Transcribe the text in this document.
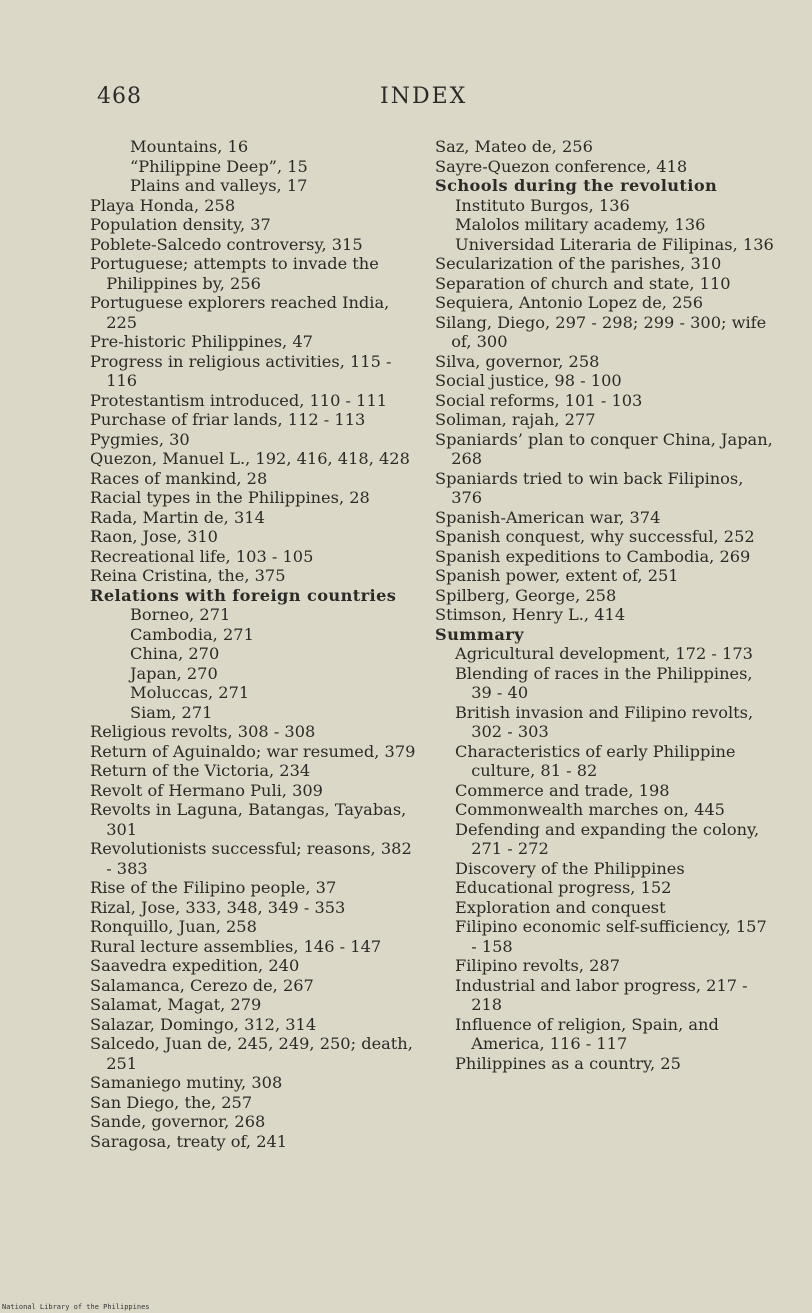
468	INDEX

Mountains, 16

“Philippine Deep”, 15

Plains and valleys, 17

Playa Honda, 258

Population density, 37

Poblete-Salcedo controversy, 315

Portuguese; attempts to invade the Philippines by, 256

Portuguese explorers reached India, 225

Pre-historic Philippines, 47

Progress in religious activities, 115 - 116

Protestantism introduced, 110 - 111

Purchase of friar lands, 112 - 113

Pygmies, 30

Quezon, Manuel L., 192, 416, 418, 428

Races of mankind, 28

Racial types in the Philippines, 28

Rada, Martin de, 314

Raon, Jose, 310

Recreational life, 103 - 105

Reina Cristina, the, 375

Relations with foreign countries

Borneo, 271

Cambodia, 271

China, 270

Japan, 270

Moluccas, 271

Siam, 271

Religious revolts, 308 - 308

Return of Aguinaldo; war resumed, 379

Return of the Victoria, 234

Revolt of Hermano Puli, 309

Revolts in Laguna, Batangas, Tayabas, 301

Revolutionists successful; reasons, 382 - 383

Rise of the Filipino people, 37

Rizal, Jose, 333, 348, 349 - 353

Ronquillo, Juan, 258

Rural lecture assemblies, 146 - 147

Saavedra expedition, 240

Salamanca, Cerezo de, 267

Salamat, Magat, 279

Salazar, Domingo, 312, 314

Salcedo, Juan de, 245, 249, 250; death, 251

Samaniego mutiny, 308

San Diego, the, 257

Sande, governor, 268

Saragosa, treaty of, 241

Saz, Mateo de, 256

Sayre-Quezon conference, 418

Schools during the revolution

Instituto Burgos, 136

Malolos military academy, 136

Universidad Literaria de Filipinas, 136

Secularization of the parishes, 310

Separation of church and state, 110

Sequiera, Antonio Lopez de, 256

Silang, Diego, 297 - 298; 299 - 300; wife of, 300

Silva, governor, 258

Social justice, 98 - 100

Social reforms, 101 - 103

Soliman, rajah, 277

Spaniards’ plan to conquer China, Japan, 268

Spaniards tried to win back Filipinos, 376

Spanish-American war, 374

Spanish conquest, why successful, 252

Spanish expeditions to Cambodia, 269

Spanish power, extent of, 251

Spilberg, George, 258

Stimson, Henry L., 414

Summary

Agricultural development, 172 - 173

Blending of races in the Philippines, 39 - 40

British invasion and Filipino revolts, 302 - 303

Characteristics of early Philippine culture, 81 - 82

Commerce and trade, 198

Commonwealth marches on, 445

Defending and expanding the colony, 271 - 272

Discovery of the Philippines

Educational progress, 152

Exploration and conquest

Filipino economic self-sufficiency, 157 - 158

Filipino revolts, 287

Industrial and labor progress, 217 - 218

Influence of religion, Spain, and America, 116 - 117

Philippines as a country, 25

National Library of the Philippines
